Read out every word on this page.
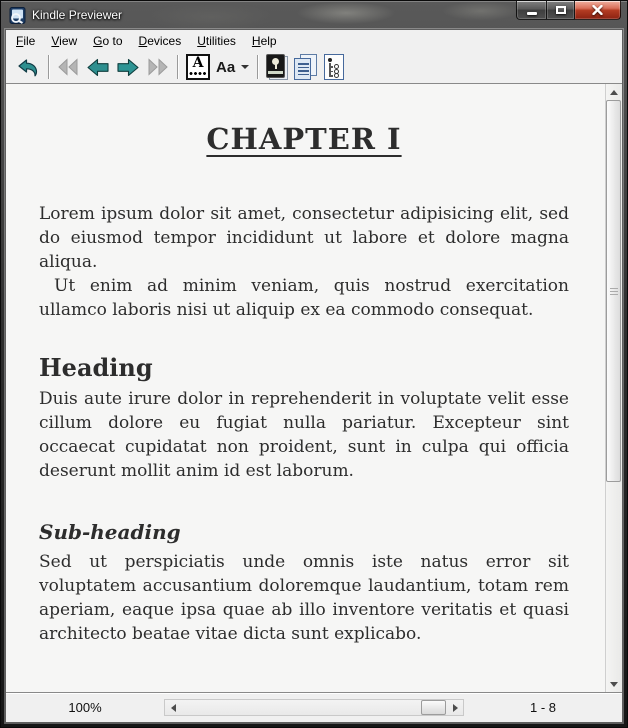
Kindle Previewer
File	View	Go to	Devices	Utilities	Help
A Aa
CHAPTER I

Lorem ipsum dolor sit amet, consectetur adipisicing elit, sed do eiusmod tempor incididunt ut labore et dolore magna aliqua.

Ut enim ad minim veniam, quis nostrud exercitation ullamco laboris nisi ut aliquip ex ea commodo consequat.

Heading

Duis aute irure dolor in reprehenderit in voluptate velit esse cillum dolore eu fugiat nulla pariatur. Excepteur sint occaecat cupidatat non proident, sunt in culpa qui officia deserunt mollit anim id est laborum.

Sub-heading

Sed ut perspiciatis unde omnis iste natus error sit voluptatem accusantium doloremque laudantium, totam rem aperiam, eaque ipsa quae ab illo inventore veritatis et quasi architecto beatae vitae dicta sunt explicabo.

100%	1 - 8
